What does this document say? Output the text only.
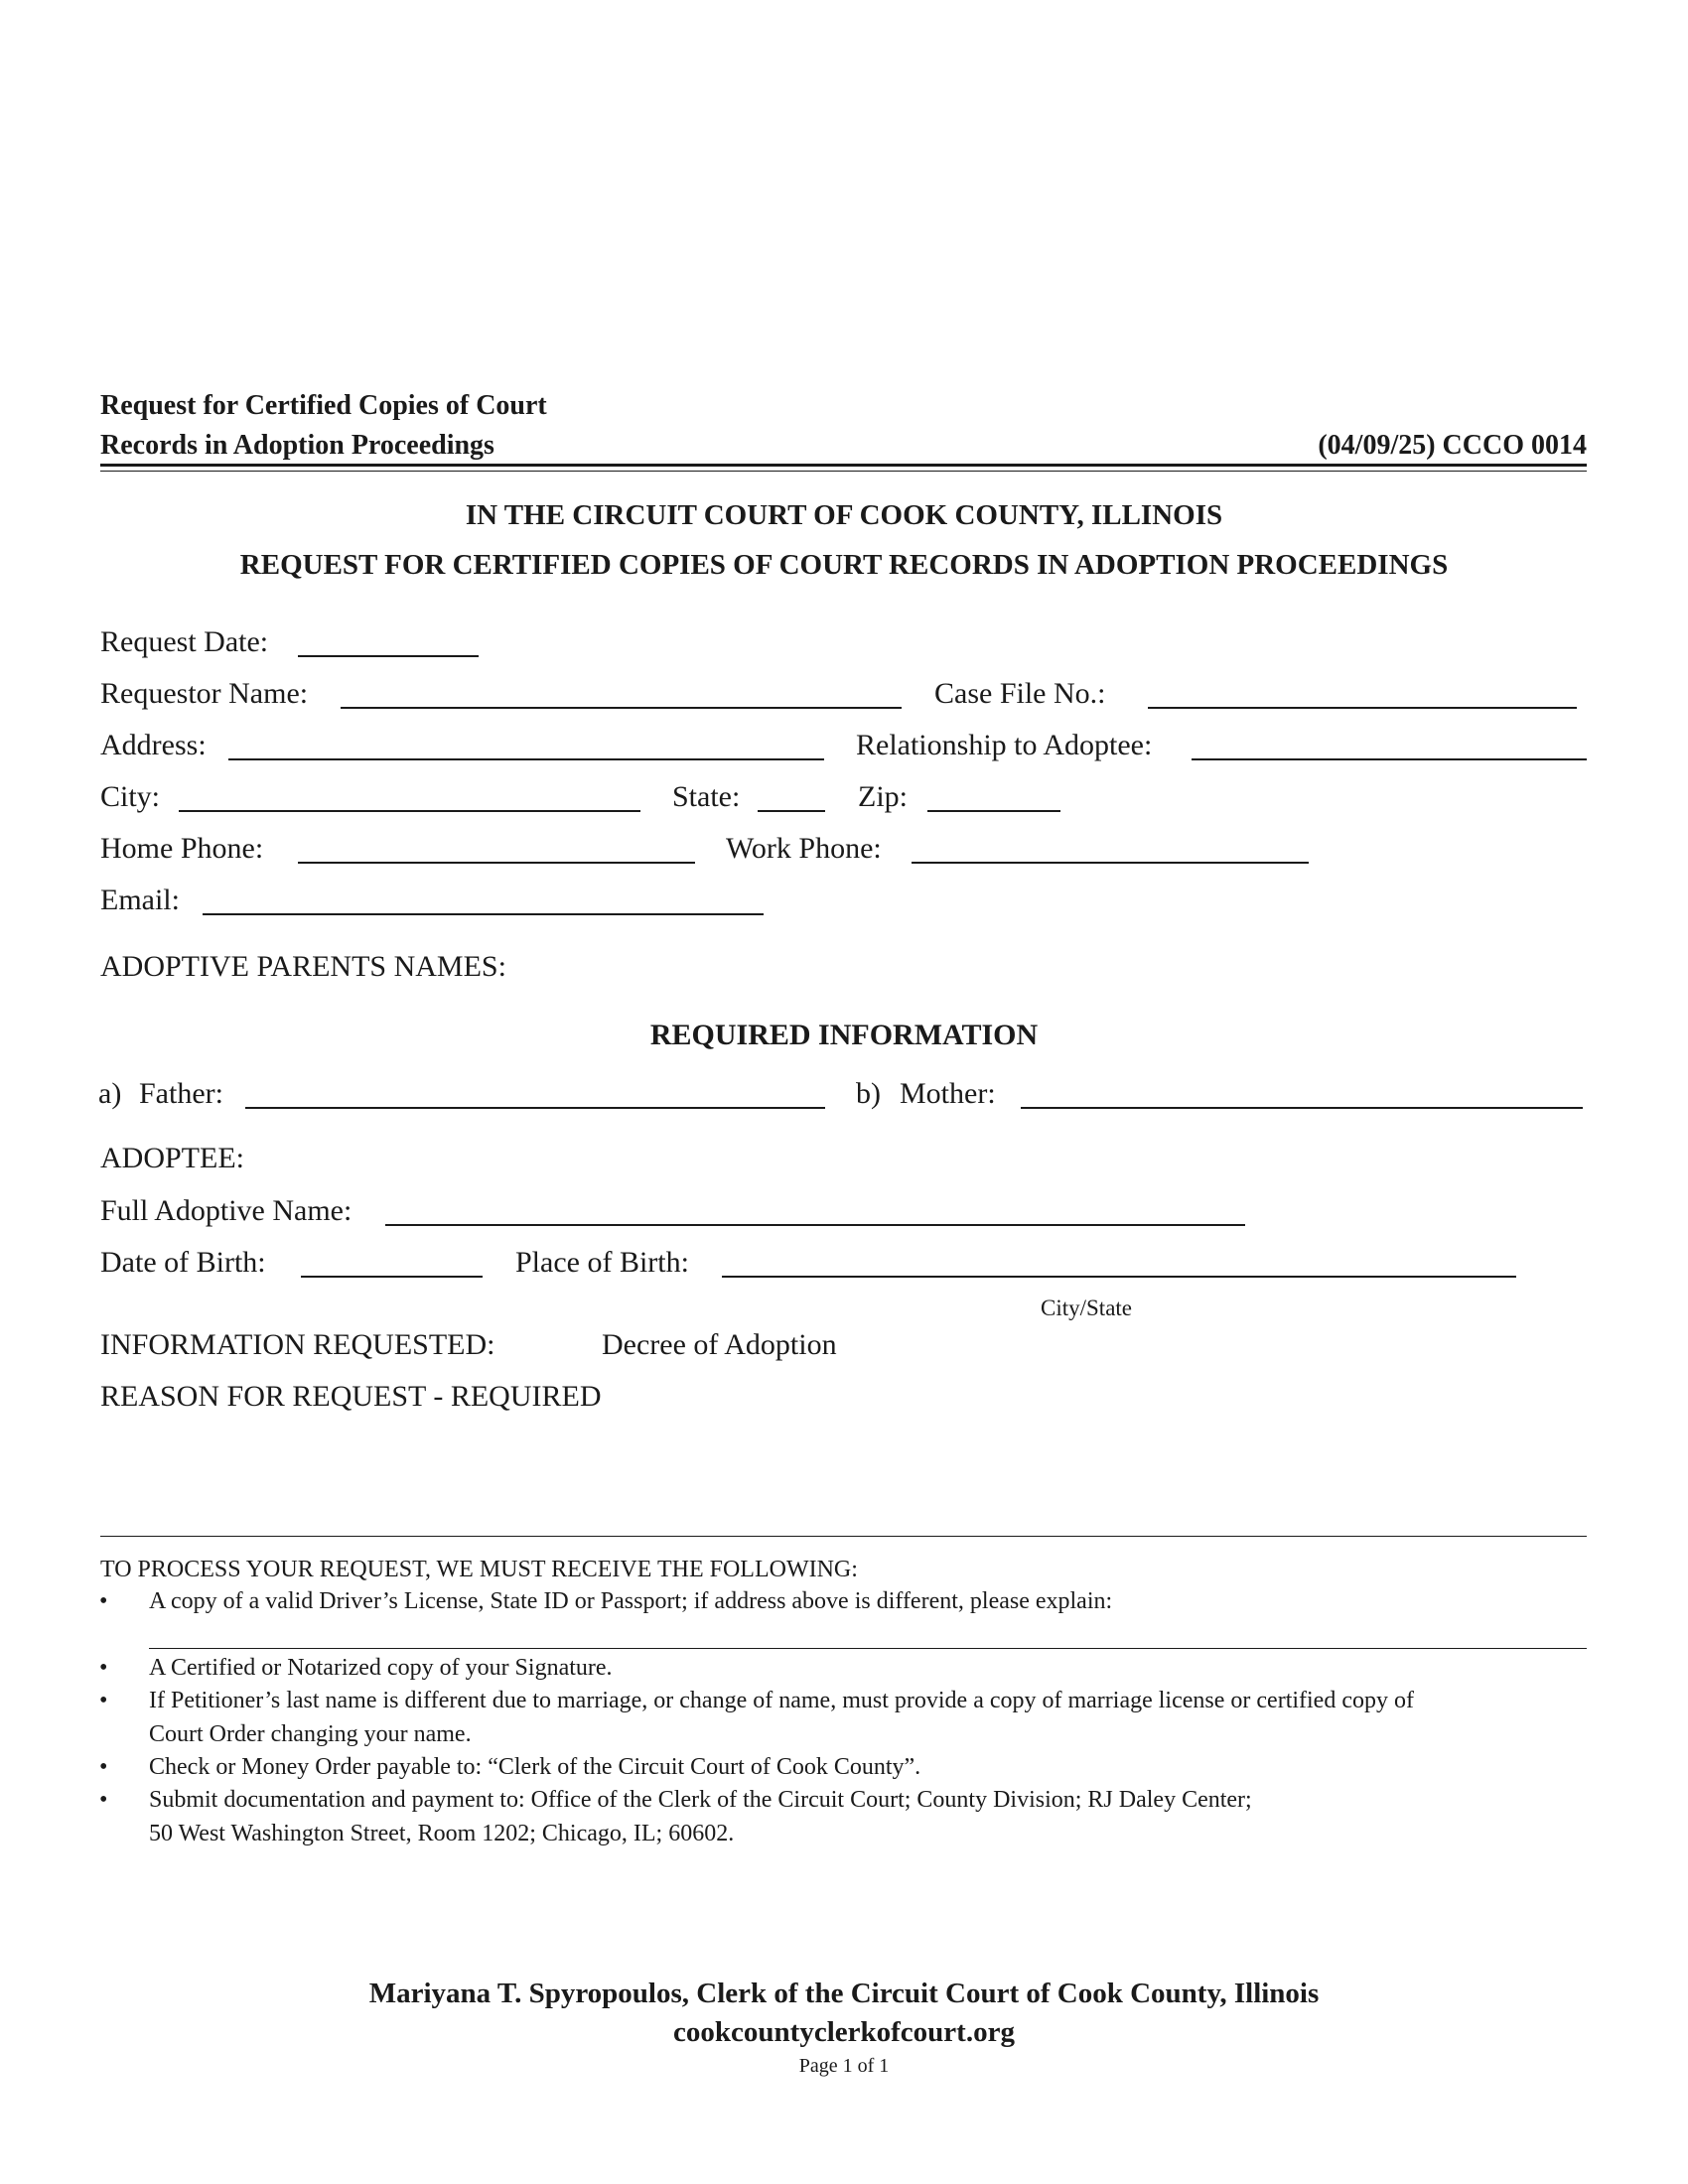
Request for Certified Copies of Court
Records in Adoption Proceedings	(04/09/25) CCCO 0014
IN THE CIRCUIT COURT OF COOK COUNTY, ILLINOIS
REQUEST FOR CERTIFIED COPIES OF COURT RECORDS IN ADOPTION PROCEEDINGS
Request Date:
Requestor Name:	Case File No.:
Address:	Relationship to Adoptee:
City:	State:	Zip:
Home Phone:	Work Phone:
Email:
ADOPTIVE PARENTS NAMES:
REQUIRED INFORMATION
a) Father:	b) Mother:
ADOPTEE:
Full Adoptive Name:
Date of Birth:	Place of Birth:
City/State
INFORMATION REQUESTED:	Decree of Adoption
REASON FOR REQUEST - REQUIRED
TO PROCESS YOUR REQUEST, WE MUST RECEIVE THE FOLLOWING:
• A copy of a valid Driver’s License, State ID or Passport; if address above is different, please explain:
• A Certified or Notarized copy of your Signature.
• If Petitioner’s last name is different due to marriage, or change of name, must provide a copy of marriage license or certified copy of
Court Order changing your name.
• Check or Money Order payable to: “Clerk of the Circuit Court of Cook County”.
• Submit documentation and payment to: Office of the Clerk of the Circuit Court; County Division; RJ Daley Center;
50 West Washington Street, Room 1202; Chicago, IL; 60602.
Mariyana T. Spyropoulos, Clerk of the Circuit Court of Cook County, Illinois
cookcountyclerkofcourt.org
Page 1 of 1
